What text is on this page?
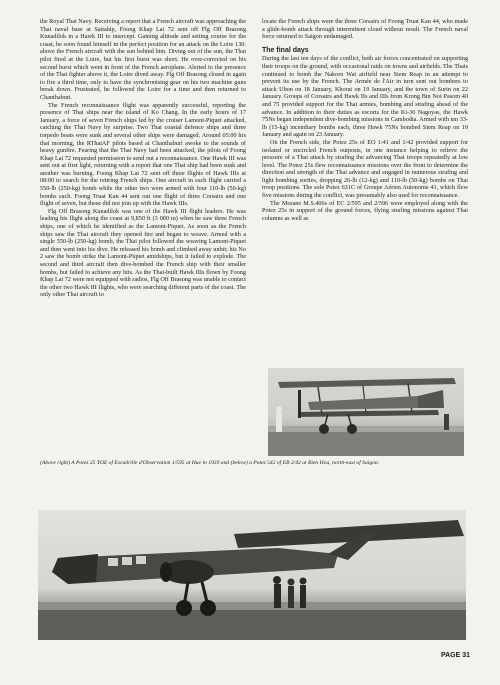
the Royal Thai Navy. Receiving a report that a French aircraft was approaching the Thai naval base at Sattahip, Foong Khap Lai 72 sent off Flg Off Brasong Kunadilok in a Hawk III to intercept. Gaining altitude and setting course for the coast, he soon found himself in the perfect position for an attack on the Loire 130: above the French aircraft with the sun behind him. Diving out of the sun, the Thai pilot fired at the Loire, but his first burst was short. He over-corrected on his second burst which went in front of the French aeroplane. Alerted to the presence of the Thai fighter above it, the Loire dived away. Flg Off Brasong closed in again to fire a third time, only to have the synchronising gear on his two machine guns break down. Frustrated, he followed the Loire for a time and then returned to Chanthaburi.

The French reconnaissance flight was apparently successful, reporting the presence of Thai ships near the island of Ko Chang. In the early hours of 17 January, a force of seven French ships led by the cruiser Lamont-Piquet attacked, catching the Thai Navy by surprise. Two Thai coastal defence ships and three torpedo boats were sunk and several other ships were damaged. Around 05:00 hrs that morning, the RThaiAF pilots based at Chanthaburi awoke to the sounds of heavy gunfire. Fearing that the Thai Navy had been attacked, the pilots of Foong Khap Lai 72 requested permission to send out a reconnaissance. One Hawk III was sent out at first light, returning with a report that one Thai ship had been sunk and another was burning. Foong Khap Lai 72 sent off three flights of Hawk IIIs at 08:00 to search for the retiring French ships. One aircraft in each flight carried a 550-lb (250-kg) bomb while the other two were armed with four 110-lb (50-kg) bombs each. Foong Truat Kan 44 sent out one flight of three Corsairs and one flight of seven, but these did not join up with the Hawk IIIs.

Flg Off Brasong Kunadilok was one of the Hawk III flight leaders. He was leading his flight along the coast at 9,850 ft (3 000 m) when he saw three French ships, one of which he identified as the Lamont-Piquet. As soon as the French ships saw the Thai aircraft they opened fire and began to weave. Armed with a single 550-lb (250-kg) bomb, the Thai pilot followed the weaving Lamont-Piquet and then went into his dive. He released his bomb and climbed away unhit; his No 2 saw the bomb strike the Lamont-Piquet amidships, but it failed to explode. The second and third aircraft then dive-bombed the French ship with their smaller bombs, but failed to achieve any hits. As the Thai-built Hawk IIIs flown by Foong Khap Lai 72 were not equipped with radios, Flg Off Brasong was unable to contact the other two Hawk III flights, who were searching different parts of the coast. The only other Thai aircraft to

locate the French ships were the three Corsairs of Foong Truat Kan 44, who made a glide-bomb attack through intermittent cloud without result. The French naval force returned to Saigon undamaged.

The final days

During the last ten days of the conflict, both air forces concentrated on supporting their troops on the ground, with occasional raids on towns and airfields. The Thais continued to bomb the Nakorn Wat airfield near Siem Reap in an attempt to prevent its use by the French. The Armée de l'Air in turn sent out bombers to attack Ubon on 18 January, Khorat on 19 January, and the town of Surin on 22 January. Groups of Corsairs and Hawk IIs and IIIs from Krong Bin Noi Pasom 40 and 75 provided support for the Thai armies, bombing and strafing ahead of the advance. In addition to their duties as escorts for the Ki-30 Nagoyas, the Hawk 75Ns began independent dive-bombing missions in Cambodia. Armed with ten 33-lb (15-kg) incendiary bombs each, three Hawk 75Ns bombed Siem Reap on 19 January and again on 23 January.

On the French side, the Potez 25s of EO 1/41 and 1/42 provided support for isolated or encircled French outposts, in one instance helping to relieve the pressure of a Thai attack by strafing the advancing Thai troops repeatedly at low level. The Potez 25s flew reconnaissance missions over the front to determine the direction and strength of the Thai advance and engaged in numerous strafing and light bombing sorties, dropping 26-lb (12-kg) and 110-lb (50-kg) bombs on Thai troop positions. The sole Potez 631C of Groupe Aérien Autonome 41, which flew five missions during the conflict, was presumably also used for reconnaissance.

The Morane M.S.406s of EC 2/595 and 2/596 were employed along with the Potez 25s in support of the ground forces, flying strafing missions against Thai columns as well as

(Above right) A Potez 25 TOE of Escadrille d'Observation 1/595 at Hue in 1939 and (below) a Potez 542 of EB 2/42 at Bien Hoa, north-east of Saigon.
PAGE 31
